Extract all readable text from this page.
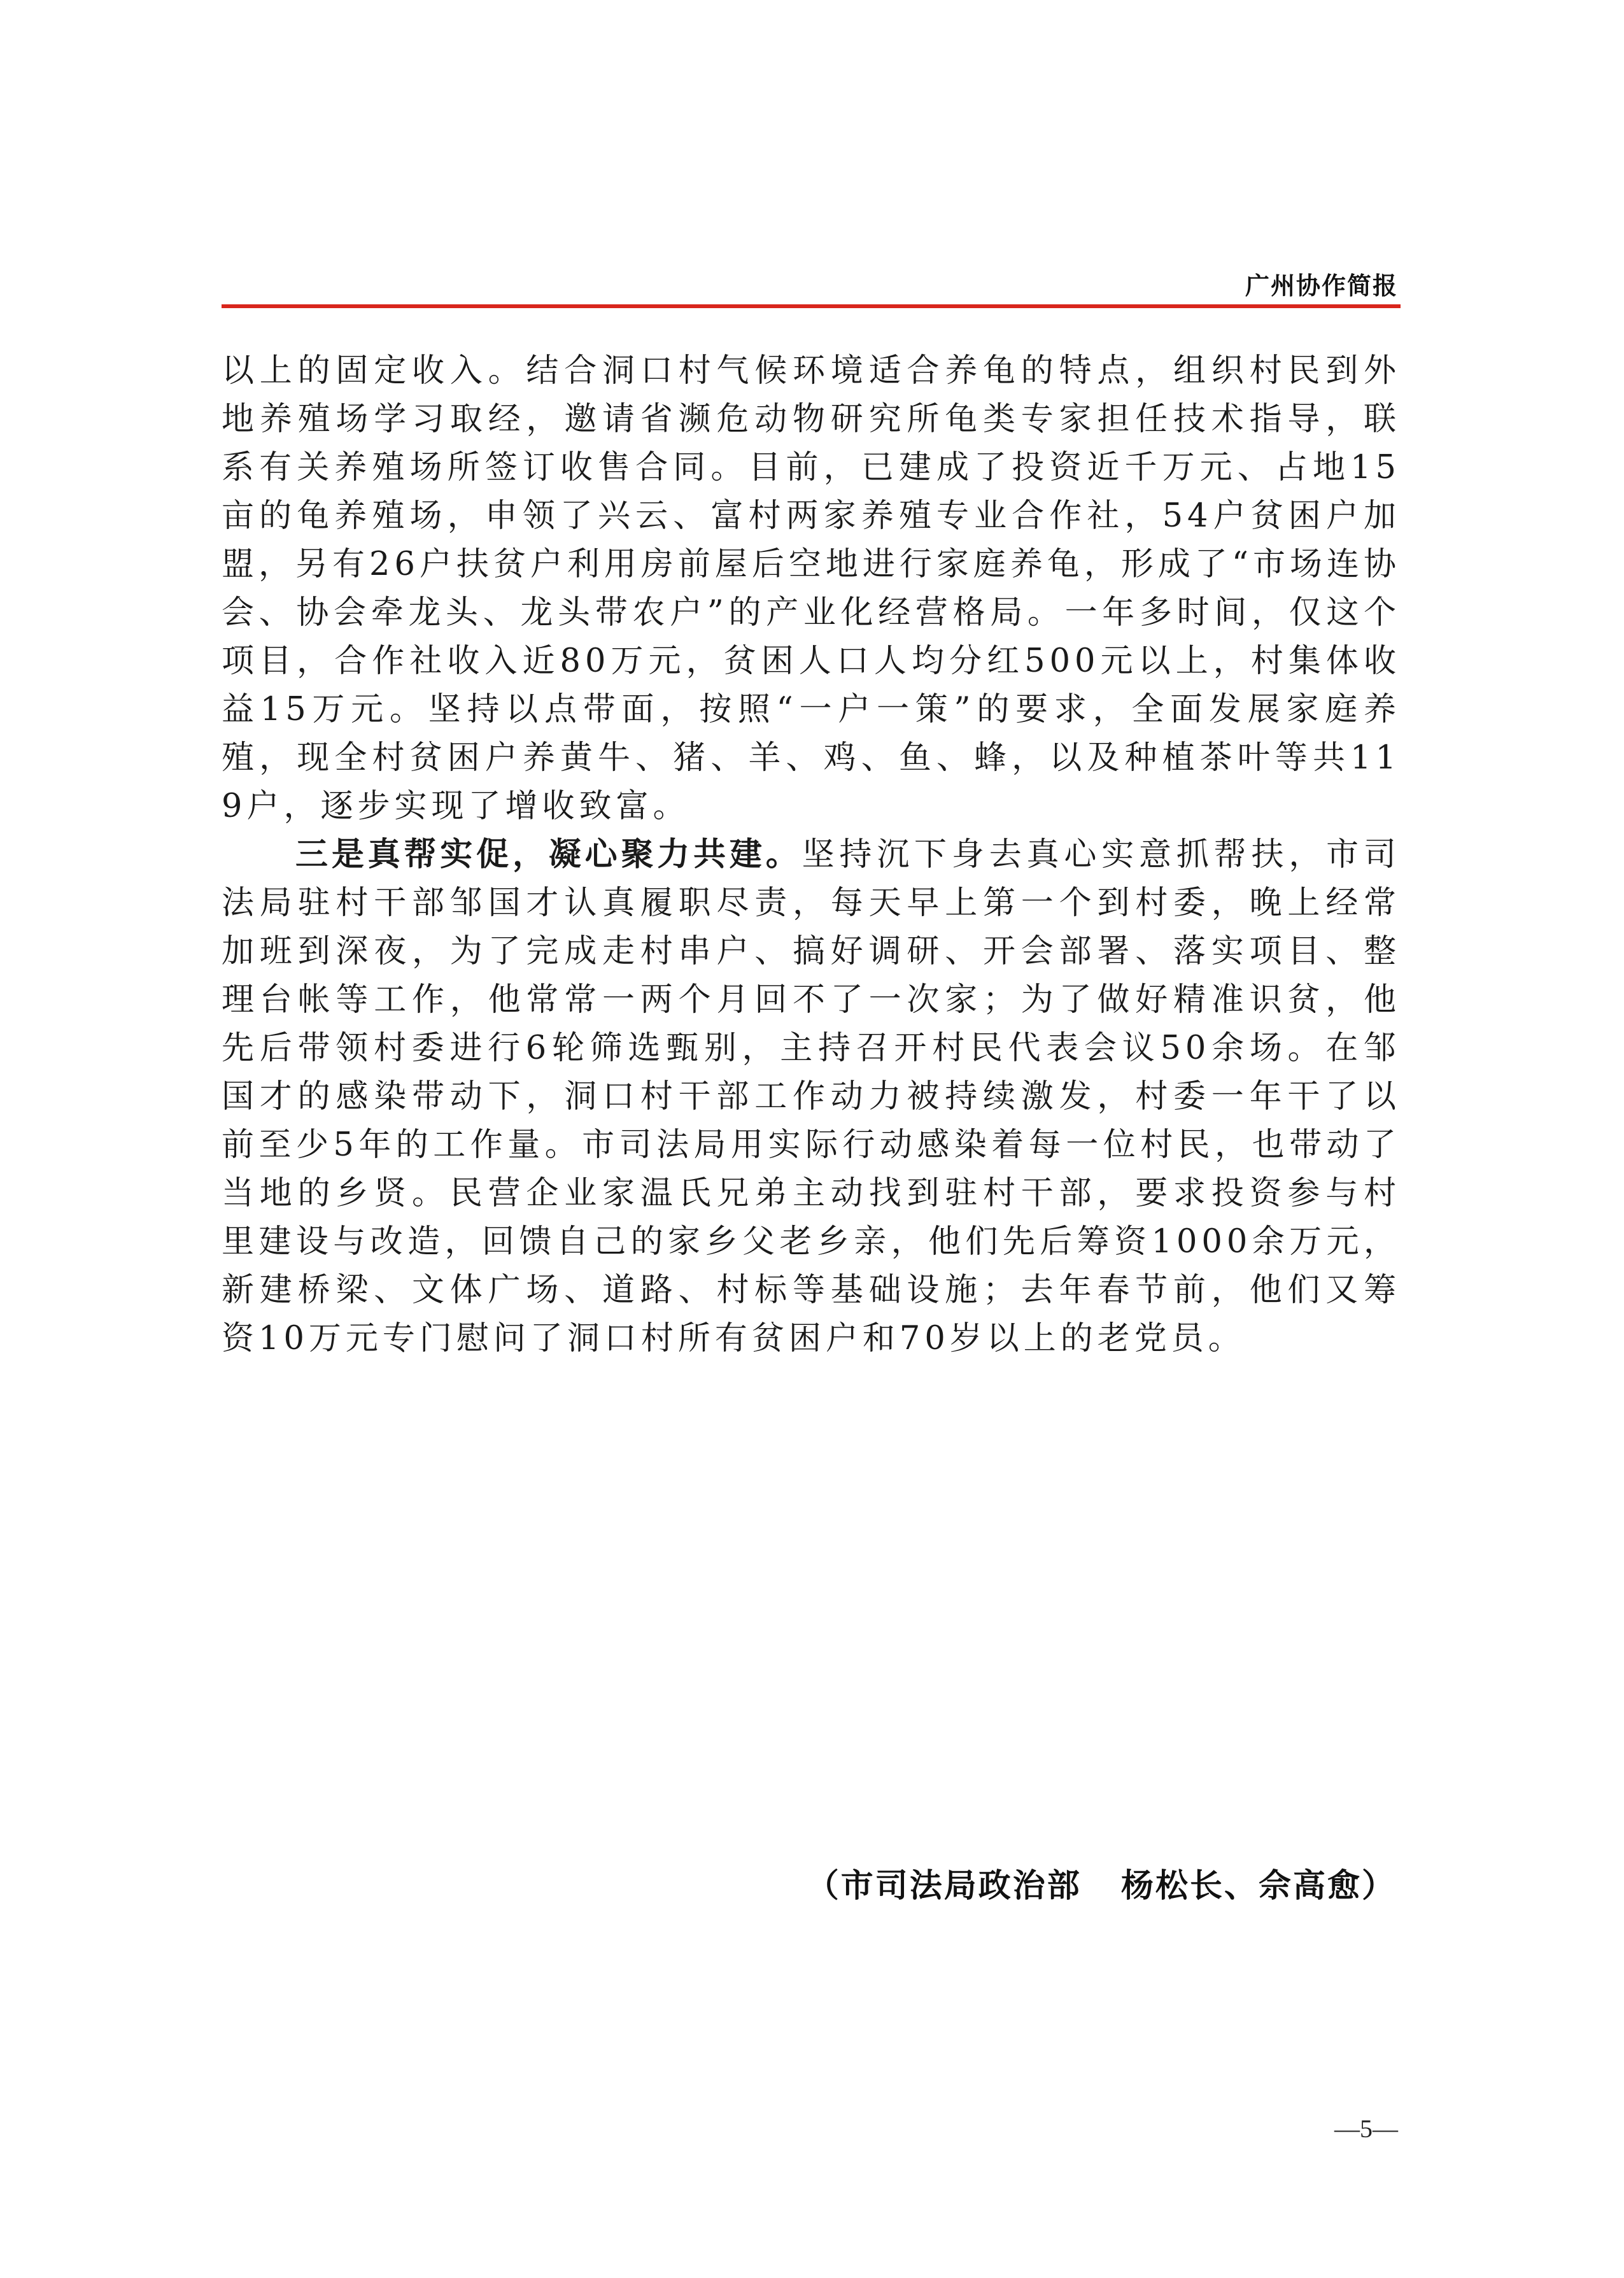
广州协作简报

以上的固定收入。结合洞口村气候环境适合养龟的特点，组织村民到外地养殖场学习取经，邀请省濒危动物研究所龟类专家担任技术指导，联系有关养殖场所签订收售合同。目前，已建成了投资近千万元、占地15亩的龟养殖场，申领了兴云、富村两家养殖专业合作社，54户贫困户加盟，另有26户扶贫户利用房前屋后空地进行家庭养龟，形成了“市场连协会、协会牵龙头、龙头带农户”的产业化经营格局。一年多时间，仅这个项目，合作社收入近80万元，贫困人口人均分红500元以上，村集体收益15万元。坚持以点带面，按照“一户一策”的要求，全面发展家庭养殖，现全村贫困户养黄牛、猪、羊、鸡、鱼、蜂，以及种植茶叶等共119户，逐步实现了增收致富。

三是真帮实促，凝心聚力共建。坚持沉下身去真心实意抓帮扶，市司法局驻村干部邹国才认真履职尽责，每天早上第一个到村委，晚上经常加班到深夜，为了完成走村串户、搞好调研、开会部署、落实项目、整理台帐等工作，他常常一两个月回不了一次家；为了做好精准识贫，他先后带领村委进行6轮筛选甄别，主持召开村民代表会议50余场。在邹国才的感染带动下，洞口村干部工作动力被持续激发，村委一年干了以前至少5年的工作量。市司法局用实际行动感染着每一位村民，也带动了当地的乡贤。民营企业家温氏兄弟主动找到驻村干部，要求投资参与村里建设与改造，回馈自己的家乡父老乡亲，他们先后筹资1000余万元，新建桥梁、文体广场、道路、村标等基础设施；去年春节前，他们又筹资10万元专门慰问了洞口村所有贫困户和70岁以上的老党员。

（市司法局政治部   杨松长、佘高愈）
—5—
